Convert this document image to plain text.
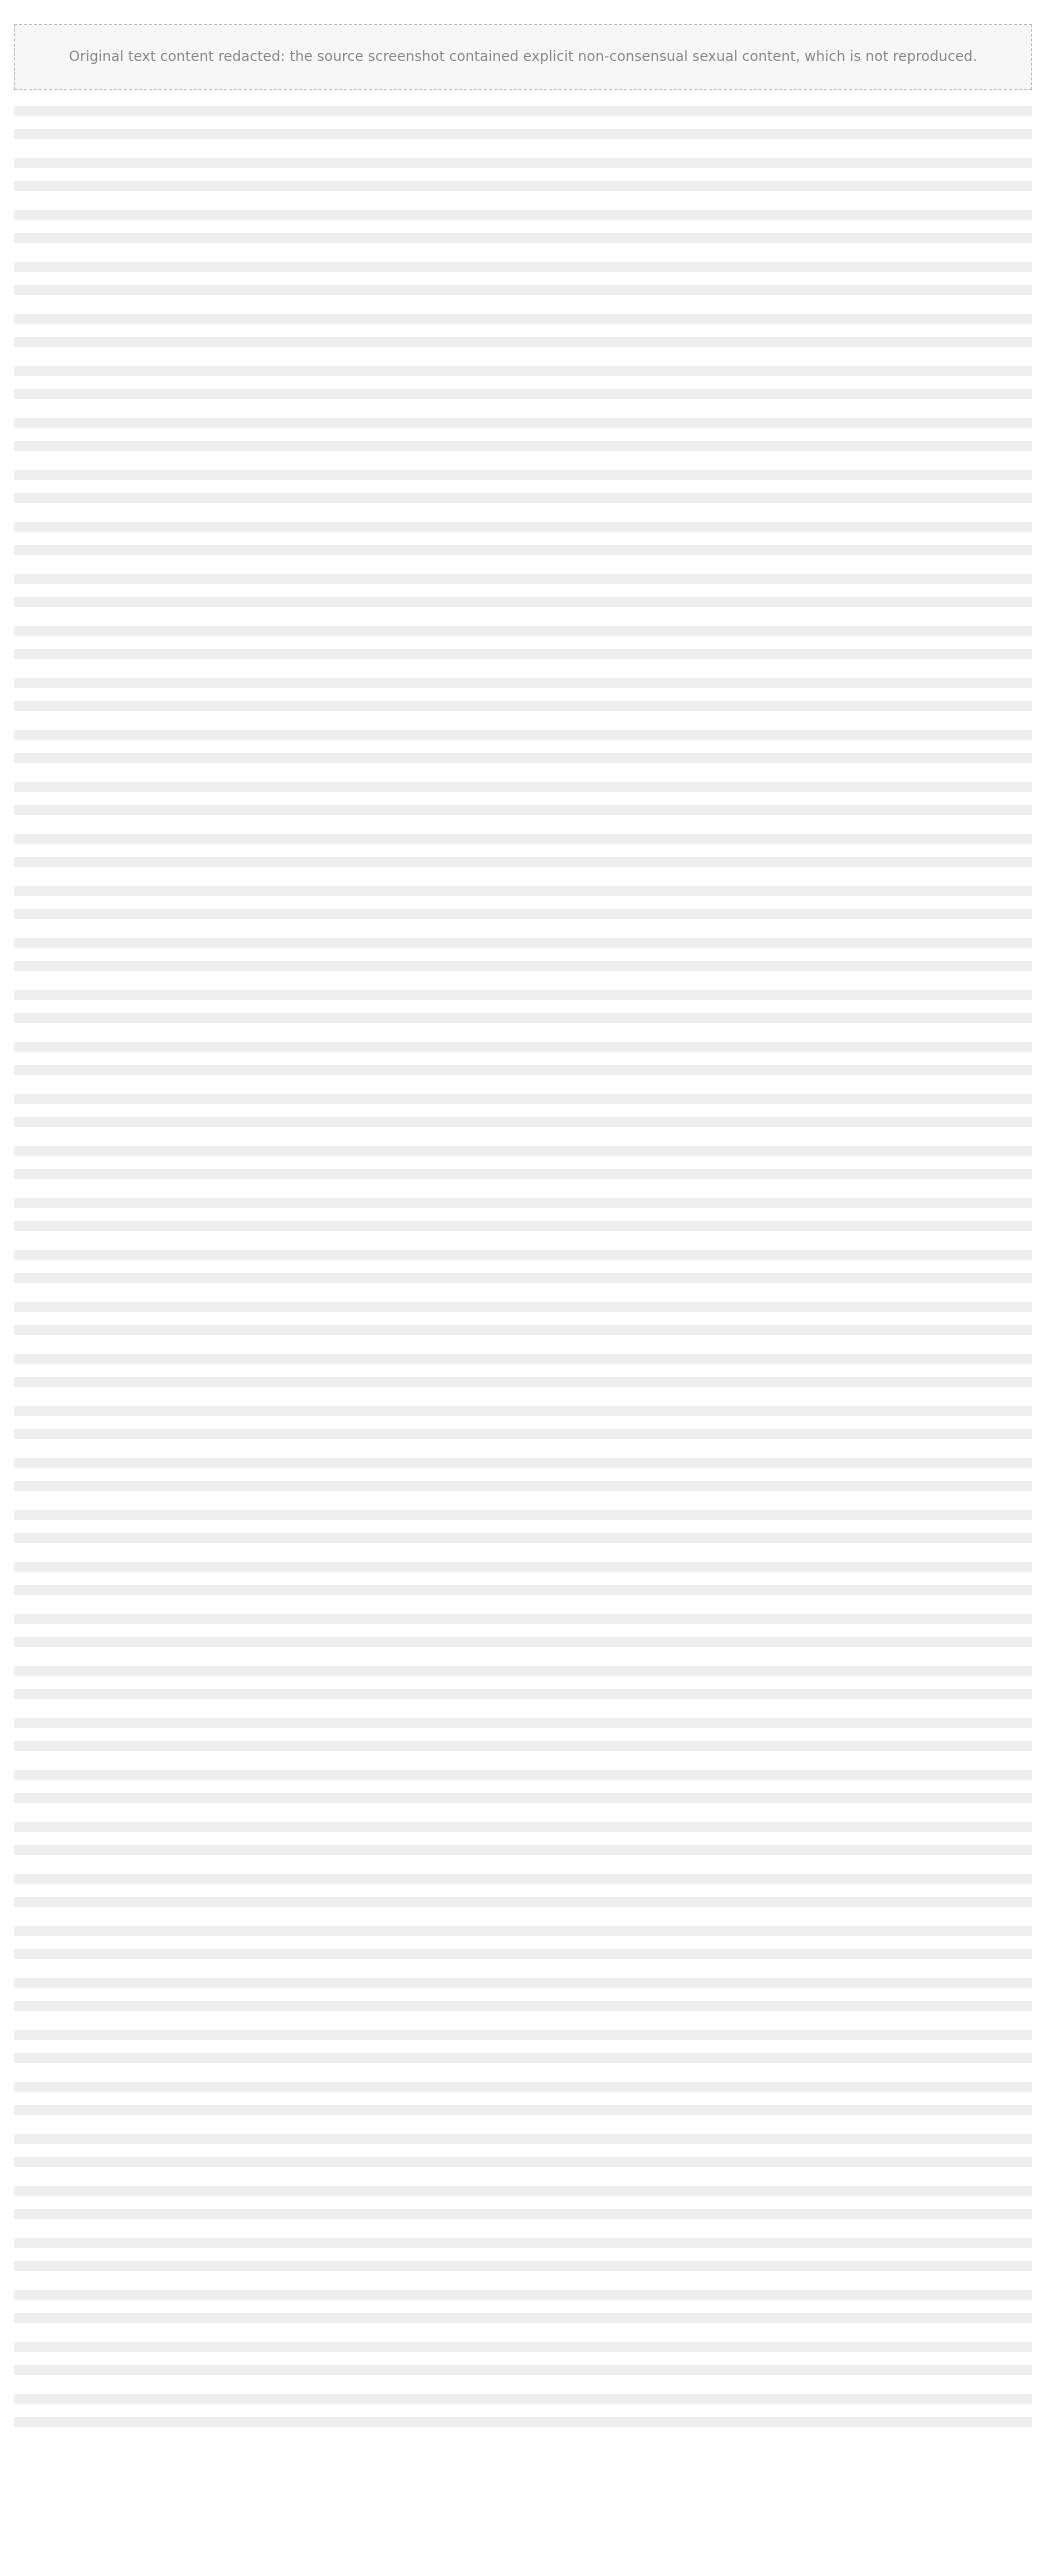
Original text content redacted: the source screenshot contained explicit non-consensual sexual content, which is not reproduced.
